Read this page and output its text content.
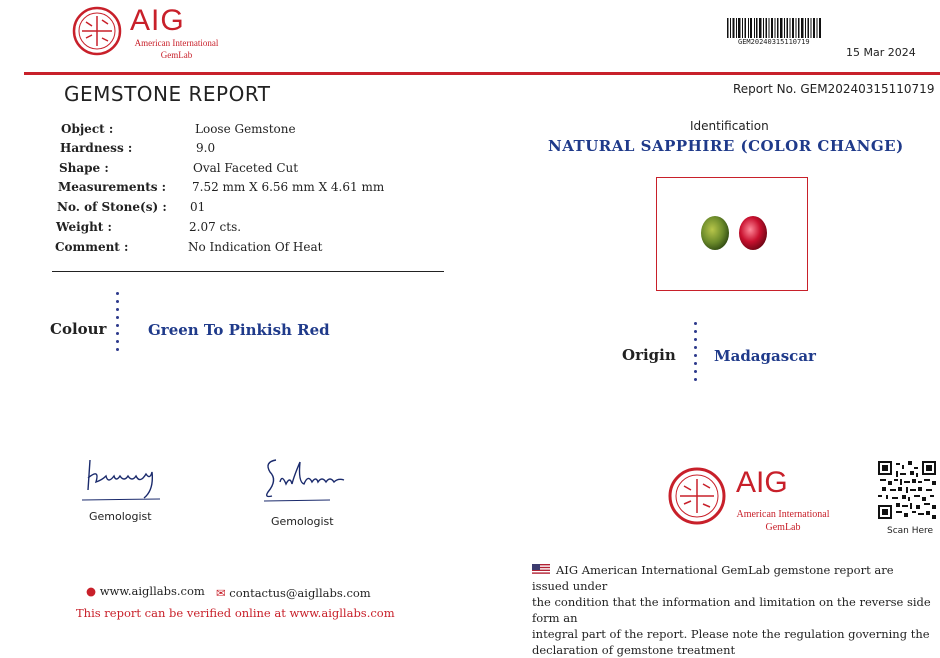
AIG
American International
GemLab
GEM20240315110719
15 Mar 2024
GEMSTONE REPORT	Report No. GEM20240315110719
Object :	Loose Gemstone
Hardness :	9.0
Shape :	Oval Faceted Cut
Measurements : 7.52 mm X 6.56 mm X 4.61 mm
No. of Stone(s) : 01
Weight :	2.07 cts.
Comment :	No Indication Of Heat
Colour	Green To Pinkish Red
Identification
NATURAL SAPPHIRE (COLOR CHANGE)
Origin	Madagascar
Gemologist	Gemologist
● www.aigllabs.com ✉ contactus@aigllabs.com
This report can be verified online at www.aigllabs.com
AIG
American International
GemLab	Scan Here
AIG American International GemLab gemstone report are issued under
the condition that the information and limitation on the reverse side form an
integral part of the report. Please note the regulation governing the
declaration of gemstone treatment
